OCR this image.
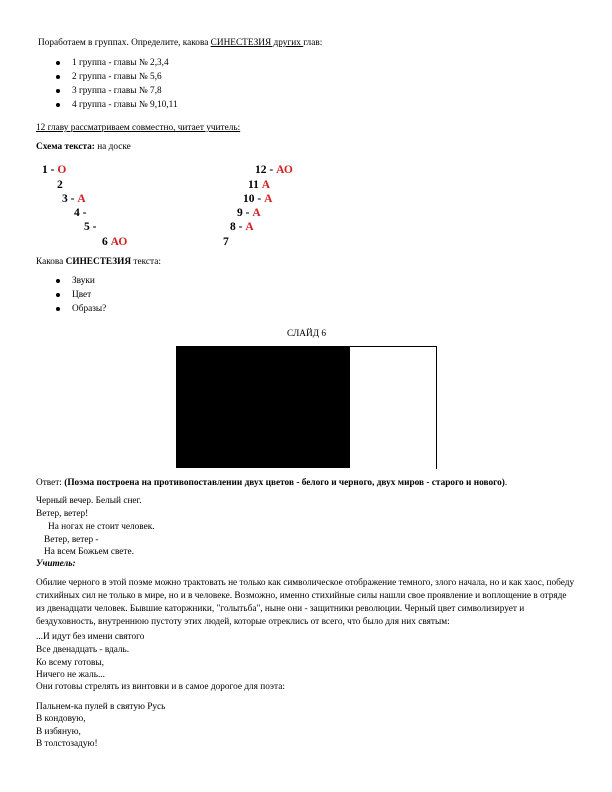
Поработаем в группах. Определите, какова СИНЕСТЕЗИЯ других глав:
1 группа - главы № 2,3,4
2 группа - главы № 5,6
3 группа - главы № 7,8
4 группа - главы № 9,10,11
12 главу рассматриваем совместно, читает учитель:
Схема текста: на доске
1 - О
2
3 - А
4 -
5 -
6 АО
12 - АО
11 А
10 - А
9 - А
8 - А
7
Какова СИНЕСТЕЗИЯ текста:
Звуки
Цвет
Образы?
СЛАЙД 6
Ответ: (Поэма построена на противопоставлении двух цветов - белого и черного, двух миров - старого и нового).
Черный вечер. Белый снег.
Ветер, ветер!
На ногах не стоит человек.
Ветер, ветер -
На всем Божьем свете.
Учитель:
Обилие черного в этой поэме можно трактовать не только как символическое отображение темного, злого начала, но и как хаос, победу стихийных сил не только в мире, но и в человеке. Возможно, именно стихийные силы нашли свое проявление и воплощение в отряде из двенадцати человек. Бывшие каторжники, "голытьба", ныне они - защитники революции. Черный цвет символизирует и бездуховность, внутреннюю пустоту этих людей, которые отреклись от всего, что было для них святым:
...И идут без имени святого
Все двенадцать - вдаль.
Ко всему готовы,
Ничего не жаль...
Они готовы стрелять из винтовки и в самое дорогое для поэта:
Пальнем-ка пулей в святую Русь
В кондовую,
В избяную,
В толстозадую!
